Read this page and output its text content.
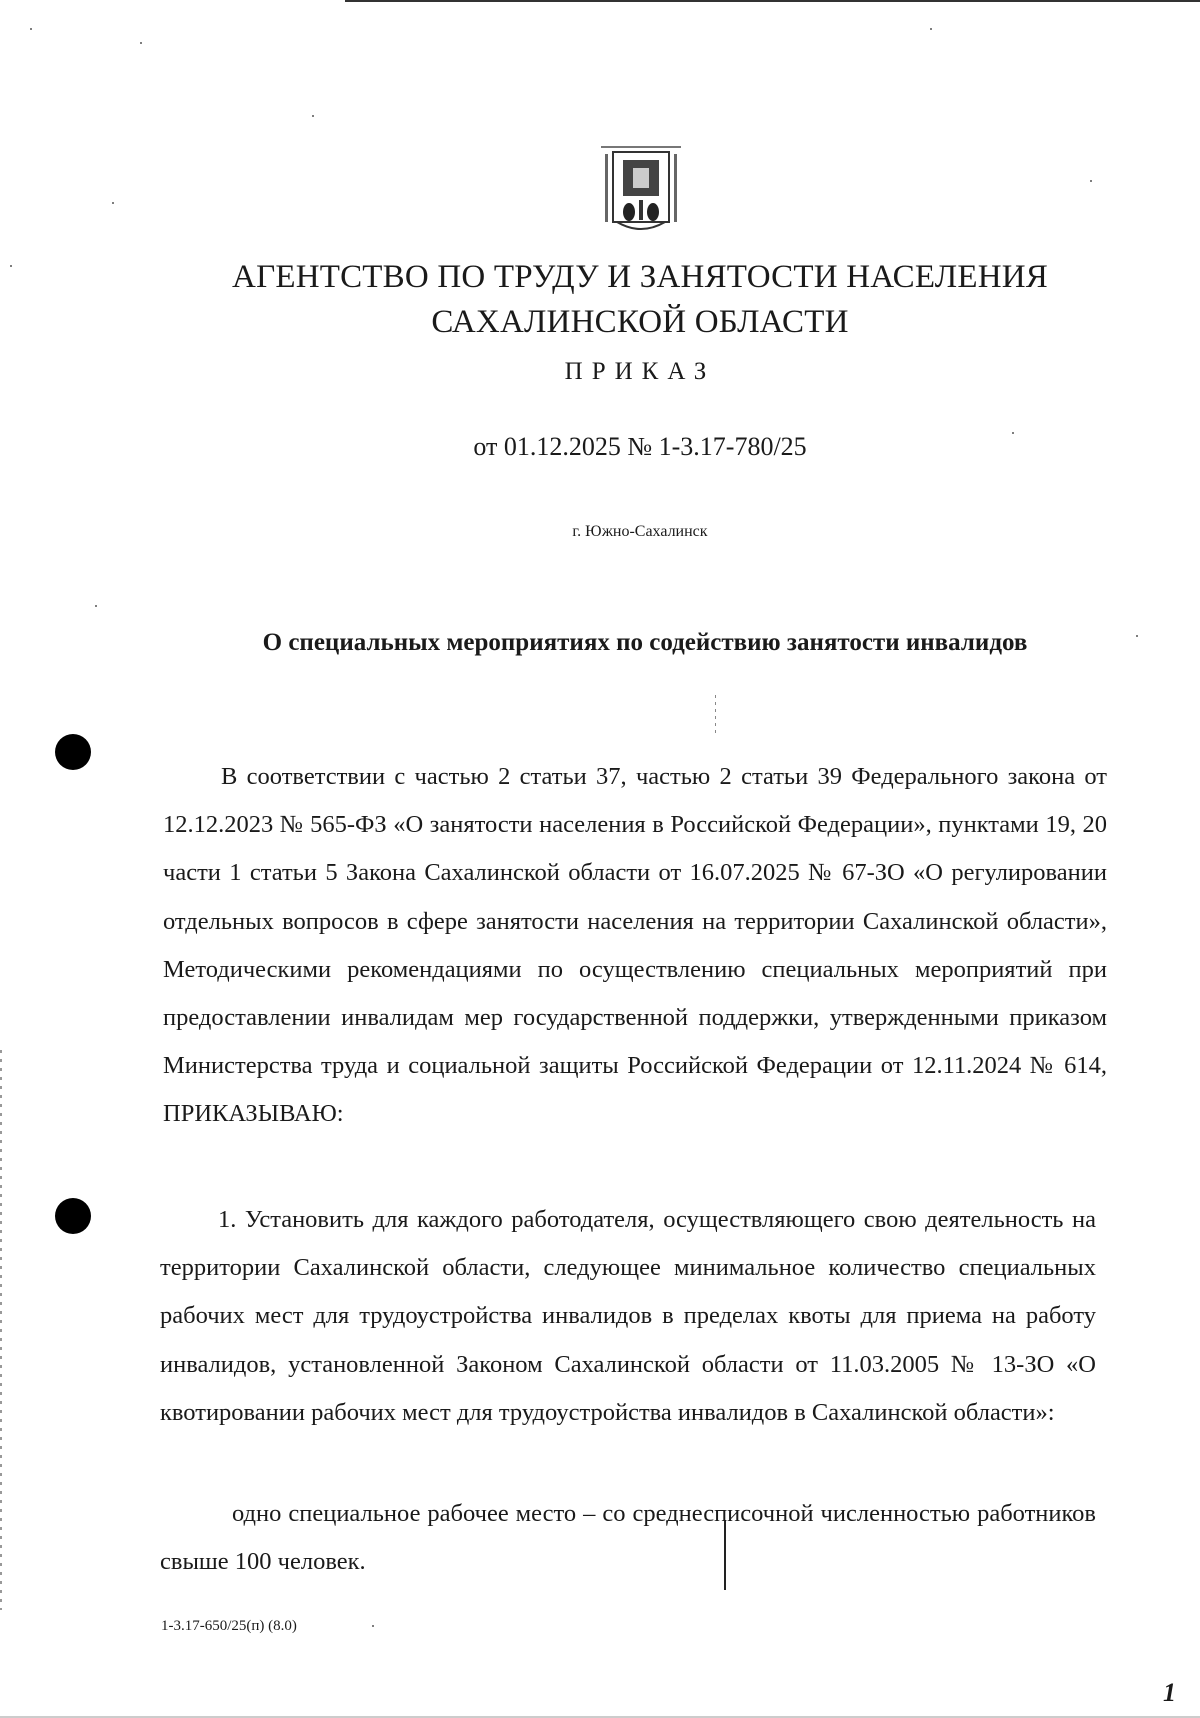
АГЕНТСТВО ПО ТРУДУ И ЗАНЯТОСТИ НАСЕЛЕНИЯ
САХАЛИНСКОЙ ОБЛАСТИ
ПРИКАЗ
от 01.12.2025 № 1-3.17-780/25
г. Южно-Сахалинск
О специальных мероприятиях по содействию занятости инвалидов

В соответствии с частью 2 статьи 37, частью 2 статьи 39 Федерального закона от 12.12.2023 № 565-ФЗ «О занятости населения в Российской Федерации», пунктами 19, 20 части 1 статьи 5 Закона Сахалинской области от 16.07.2025 № 67-ЗО «О регулировании отдельных вопросов в сфере занятости населения на территории Сахалинской области», Методическими рекомендациями по осуществлению специальных мероприятий при предоставлении инвалидам мер государственной поддержки, утвержденными приказом Министерства труда и социальной защиты Российской Федерации от 12.11.2024 № 614, ПРИКАЗЫВАЮ:

1. Установить для каждого работодателя, осуществляющего свою деятельность на территории Сахалинской области, следующее минимальное количество специальных рабочих мест для трудоустройства инвалидов в пределах квоты для приема на работу инвалидов, установленной Законом Сахалинской области от 11.03.2005 № 13-ЗО «О квотировании рабочих мест для трудоустройства инвалидов в Сахалинской области»:

одно специальное рабочее место – со среднесписочной численностью работников свыше 100 человек.

1-3.17-650/25(п) (8.0)
1
